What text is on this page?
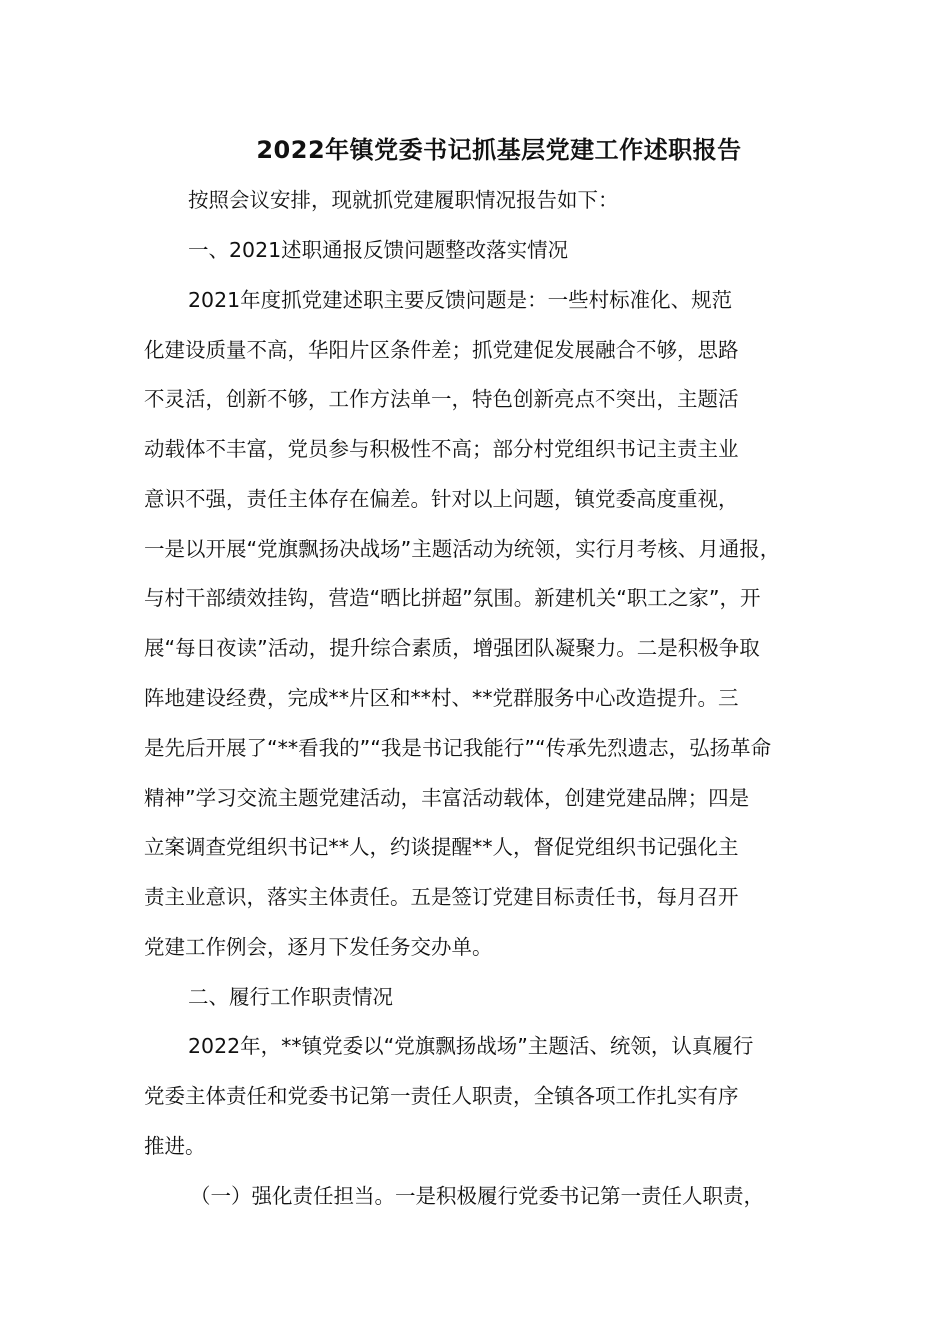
2022年镇党委书记抓基层党建工作述职报告
按照会议安排，现就抓党建履职情况报告如下：
一、2021述职通报反馈问题整改落实情况
2021年度抓党建述职主要反馈问题是：一些村标准化、规范
化建设质量不高，华阳片区条件差；抓党建促发展融合不够，思路
不灵活，创新不够，工作方法单一，特色创新亮点不突出，主题活
动载体不丰富，党员参与积极性不高；部分村党组织书记主责主业
意识不强，责任主体存在偏差。针对以上问题，镇党委高度重视，
一是以开展“党旗飘扬决战场”主题活动为统领，实行月考核、月通报，
与村干部绩效挂钩，营造“晒比拼超”氛围。新建机关“职工之家”，开
展“每日夜读”活动，提升综合素质，增强团队凝聚力。二是积极争取
阵地建设经费，完成**片区和**村、**党群服务中心改造提升。三
是先后开展了“**看我的”“我是书记我能行”“传承先烈遗志，弘扬革命
精神”学习交流主题党建活动，丰富活动载体，创建党建品牌；四是
立案调查党组织书记**人，约谈提醒**人，督促党组织书记强化主
责主业意识，落实主体责任。五是签订党建目标责任书，每月召开
党建工作例会，逐月下发任务交办单。
二、履行工作职责情况
2022年，**镇党委以“党旗飘扬战场”主题活、统领，认真履行
党委主体责任和党委书记第一责任人职责，全镇各项工作扎实有序
推进。
（一）强化责任担当。一是积极履行党委书记第一责任人职责，
